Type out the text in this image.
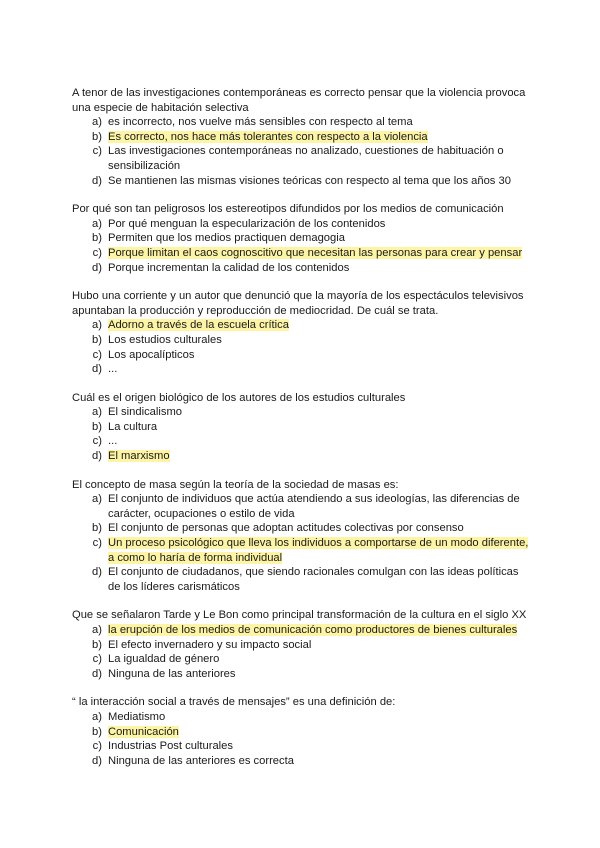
A tenor de las investigaciones contemporáneas es correcto pensar que la violencia provoca una especie de habitación selectiva

a) es incorrecto, nos vuelve más sensibles con respecto al tema
b) Es correcto, nos hace más tolerantes con respecto a la violencia
c) Las investigaciones contemporáneas no analizado, cuestiones de habituación o sensibilización
d) Se mantienen las mismas visiones teóricas con respecto al tema que los años 30

Por qué son tan peligrosos los estereotipos difundidos por los medios de comunicación

a) Por qué menguan la especularización de los contenidos
b) Permiten que los medios practiquen demagogia
c) Porque limitan el caos cognoscitivo que necesitan las personas para crear y pensar
d) Porque incrementan la calidad de los contenidos

Hubo una corriente y un autor que denunció que la mayoría de los espectáculos televisivos apuntaban la producción y reproducción de mediocridad. De cuál se trata.

a) Adorno a través de la escuela crítica
b) Los estudios culturales
c) Los apocalípticos
d) ...

Cuál es el origen biológico de los autores de los estudios culturales

a) El sindicalismo
b) La cultura
c) ...
d) El marxismo

El concepto de masa según la teoría de la sociedad de masas es:

a) El conjunto de individuos que actúa atendiendo a sus ideologías, las diferencias de carácter, ocupaciones o estilo de vida
b) El conjunto de personas que adoptan actitudes colectivas por consenso
c) Un proceso psicológico que lleva los individuos a comportarse de un modo diferente, a como lo haría de forma individual
d) El conjunto de ciudadanos, que siendo racionales comulgan con las ideas políticas de los líderes carismáticos

Que se señalaron Tarde y Le Bon como principal transformación de la cultura en el siglo XX

a) la erupción de los medios de comunicación como productores de bienes culturales
b) El efecto invernadero y su impacto social
c) La igualdad de género
d) Ninguna de las anteriores

“ la interacción social a través de mensajes” es una definición de:

a) Mediatismo
b) Comunicación
c) Industrias Post culturales
d) Ninguna de las anteriores es correcta
